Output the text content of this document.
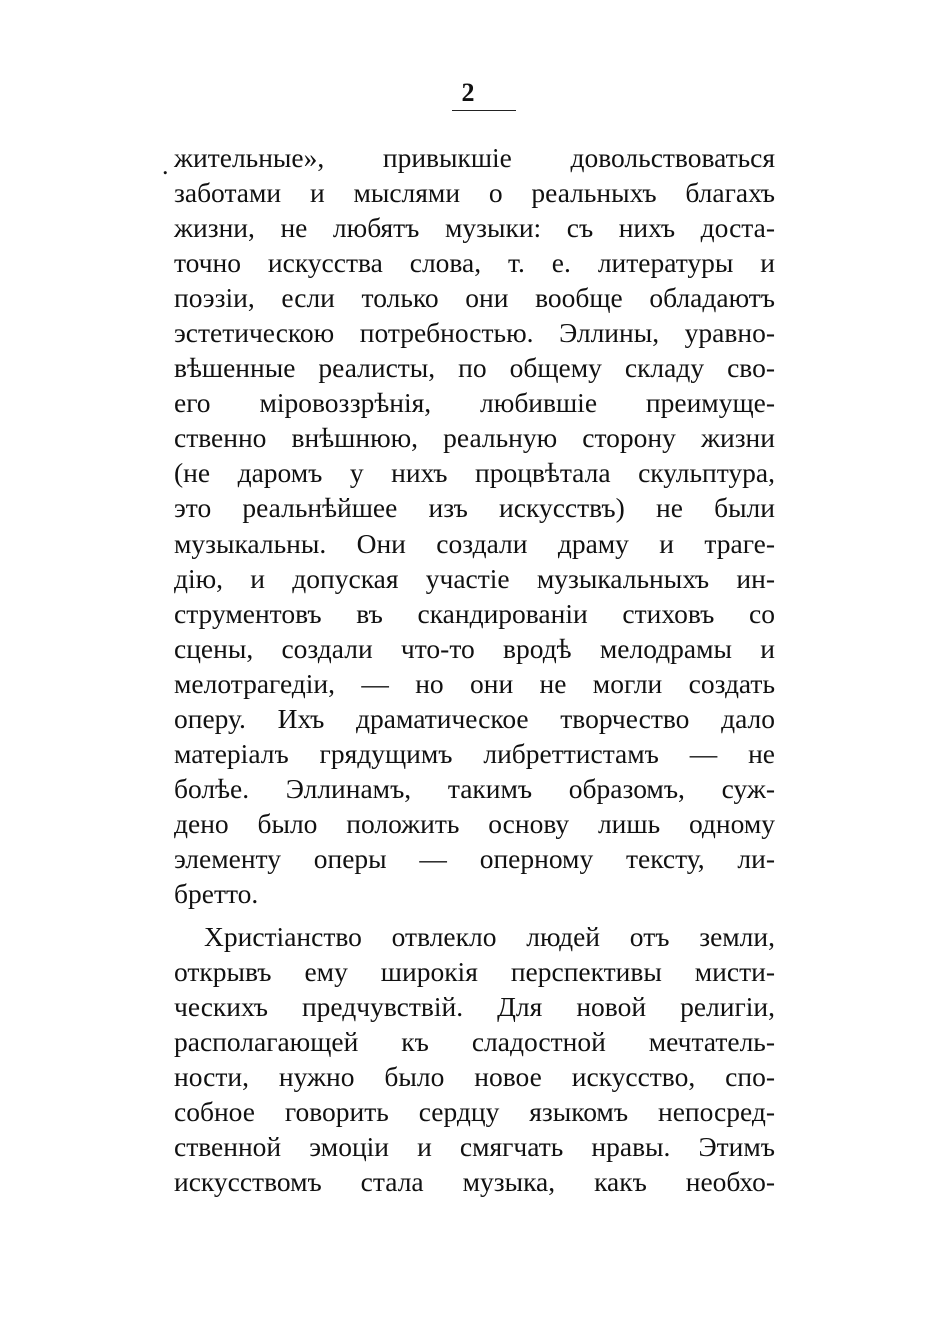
2
. жительные», привыкшіе довольствоваться
заботами и мыслями о реальныхъ благахъ
жизни, не любятъ музыки: съ нихъ доста-
точно искусства слова, т. е. литературы и
поэзіи, если только они вообще обладаютъ
эстетическою потребностью. Эллины, уравно-
вѣшенные реалисты, по общему складу сво-
его міровоззрѣнія, любившіе преимуще-
ственно внѣшнюю, реальную сторону жизни
(не даромъ у нихъ процвѣтала скульптура,
это реальнѣйшее изъ искусствъ) не были
музыкальны. Они создали драму и траге-
дію, и допуская участіе музыкальныхъ ин-
струментовъ въ скандированіи стиховъ со
сцены, создали что-то вродѣ мелодрамы и
мелотрагедіи, — но они не могли создать
оперу. Ихъ драматическое творчество дало
матеріалъ грядущимъ либреттистамъ — не
болѣе. Эллинамъ, такимъ образомъ, суж-
дено было положить основу лишь одному
элементу оперы — оперному тексту, ли-
бретто.
Христіанство отвлекло людей отъ земли,
открывъ ему широкія перспективы мисти-
ческихъ предчувствій. Для новой религіи,
располагающей къ сладостной мечтатель-
ности, нужно было новое искусство, спо-
собное говорить сердцу языкомъ непосред-
ственной эмоціи и смягчать нравы. Этимъ
искусствомъ стала музыка, какъ необхо-
